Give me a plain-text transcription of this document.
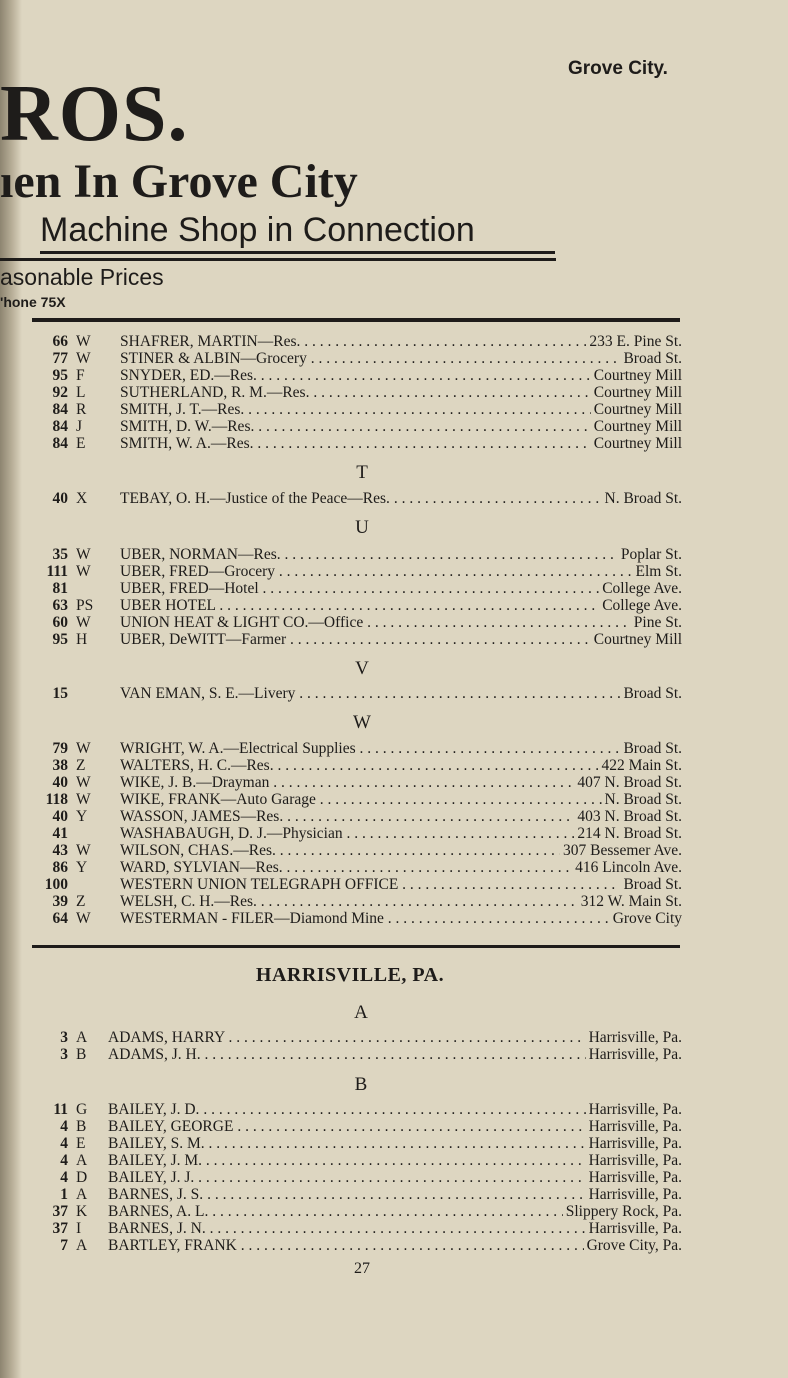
Grove City.
ROS.
ıen In Grove City
Machine Shop in Connection
asonable Prices
'hone 75X
66 W	SHAFRER, MARTIN—Res. . . .	233 E. Pine St.
77 W	STINER & ALBIN—Grocery . . .	Broad St.
95 F	SNYDER, ED.—Res. . . .	Courtney Mill
92 L	SUTHERLAND, R. M.—Res. . . .	Courtney Mill
84 R	SMITH, J. T.—Res. . . .	Courtney Mill
84 J	SMITH, D. W.—Res. . . .	Courtney Mill
84 E	SMITH, W. A.—Res. . . .	Courtney Mill
T
40 X	TEBAY, O. H.—Justice of the Peace—Res. . . .	N. Broad St.
U
35 W	UBER, NORMAN—Res. . . .	Poplar St.
111 W	UBER, FRED—Grocery . . .	Elm St.
81	UBER, FRED—Hotel . . .	College Ave.
63 PS	UBER HOTEL . . .	College Ave.
60 W	UNION HEAT & LIGHT CO.—Office . . .	Pine St.
95 H	UBER, DeWITT—Farmer . . .	Courtney Mill
V
15	VAN EMAN, S. E.—Livery . . .	Broad St.
W
79 W	WRIGHT, W. A.—Electrical Supplies . . .	Broad St.
38 Z	WALTERS, H. C.—Res. . . .	422 Main St.
40 W	WIKE, J. B.—Drayman . . .	407 N. Broad St.
118 W	WIKE, FRANK—Auto Garage . . .	N. Broad St.
40 Y	WASSON, JAMES—Res. . . .	403 N. Broad St.
41	WASHABAUGH, D. J.—Physician . . .	214 N. Broad St.
43 W	WILSON, CHAS.—Res. . . .	307 Bessemer Ave.
86 Y	WARD, SYLVIAN—Res. . . .	416 Lincoln Ave.
100	WESTERN UNION TELEGRAPH OFFICE . . .	Broad St.
39 Z	WELSH, C. H.—Res. . . .	312 W. Main St.
64 W	WESTERMAN - FILER—Diamond Mine . . .	Grove City
HARRISVILLE, PA.
A
3 A	ADAMS, HARRY . . .	Harrisville, Pa.
3 B	ADAMS, J. H. . . .	Harrisville, Pa.
B
11 G	BAILEY, J. D. . . .	Harrisville, Pa.
4 B	BAILEY, GEORGE . . .	Harrisville, Pa.
4 E	BAILEY, S. M. . . .	Harrisville, Pa.
4 A	BAILEY, J. M. . . .	Harrisville, Pa.
4 D	BAILEY, J. J. . . .	Harrisville, Pa.
1 A	BARNES, J. S. . . .	Harrisville, Pa.
37 K	BARNES, A. L. . . .	Slippery Rock, Pa.
37 I	BARNES, J. N. . . .	Harrisville, Pa.
7 A	BARTLEY, FRANK . . .	Grove City, Pa.
27
